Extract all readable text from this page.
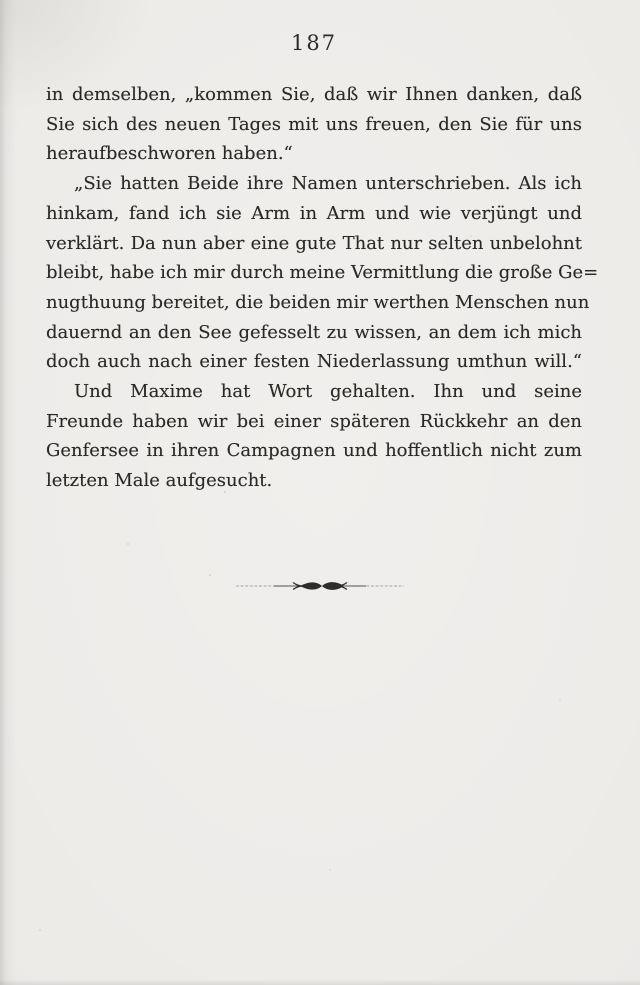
187
in demselben, „kommen Sie, daß wir Ihnen danken, daß
Sie sich des neuen Tages mit uns freuen, den Sie für uns
heraufbeschworen haben.“
„Sie hatten Beide ihre Namen unterschrieben. Als ich
hinkam, fand ich sie Arm in Arm und wie verjüngt und
verklärt. Da nun aber eine gute That nur selten unbelohnt
bleibt, habe ich mir durch meine Vermittlung die große Ge=
nugthuung bereitet, die beiden mir werthen Menschen nun
dauernd an den See gefesselt zu wissen, an dem ich mich
doch auch nach einer festen Niederlassung umthun will.“
Und Maxime hat Wort gehalten. Ihn und seine
Freunde haben wir bei einer späteren Rückkehr an den
Genfersee in ihren Campagnen und hoffentlich nicht zum
letzten Male aufgesucht.
